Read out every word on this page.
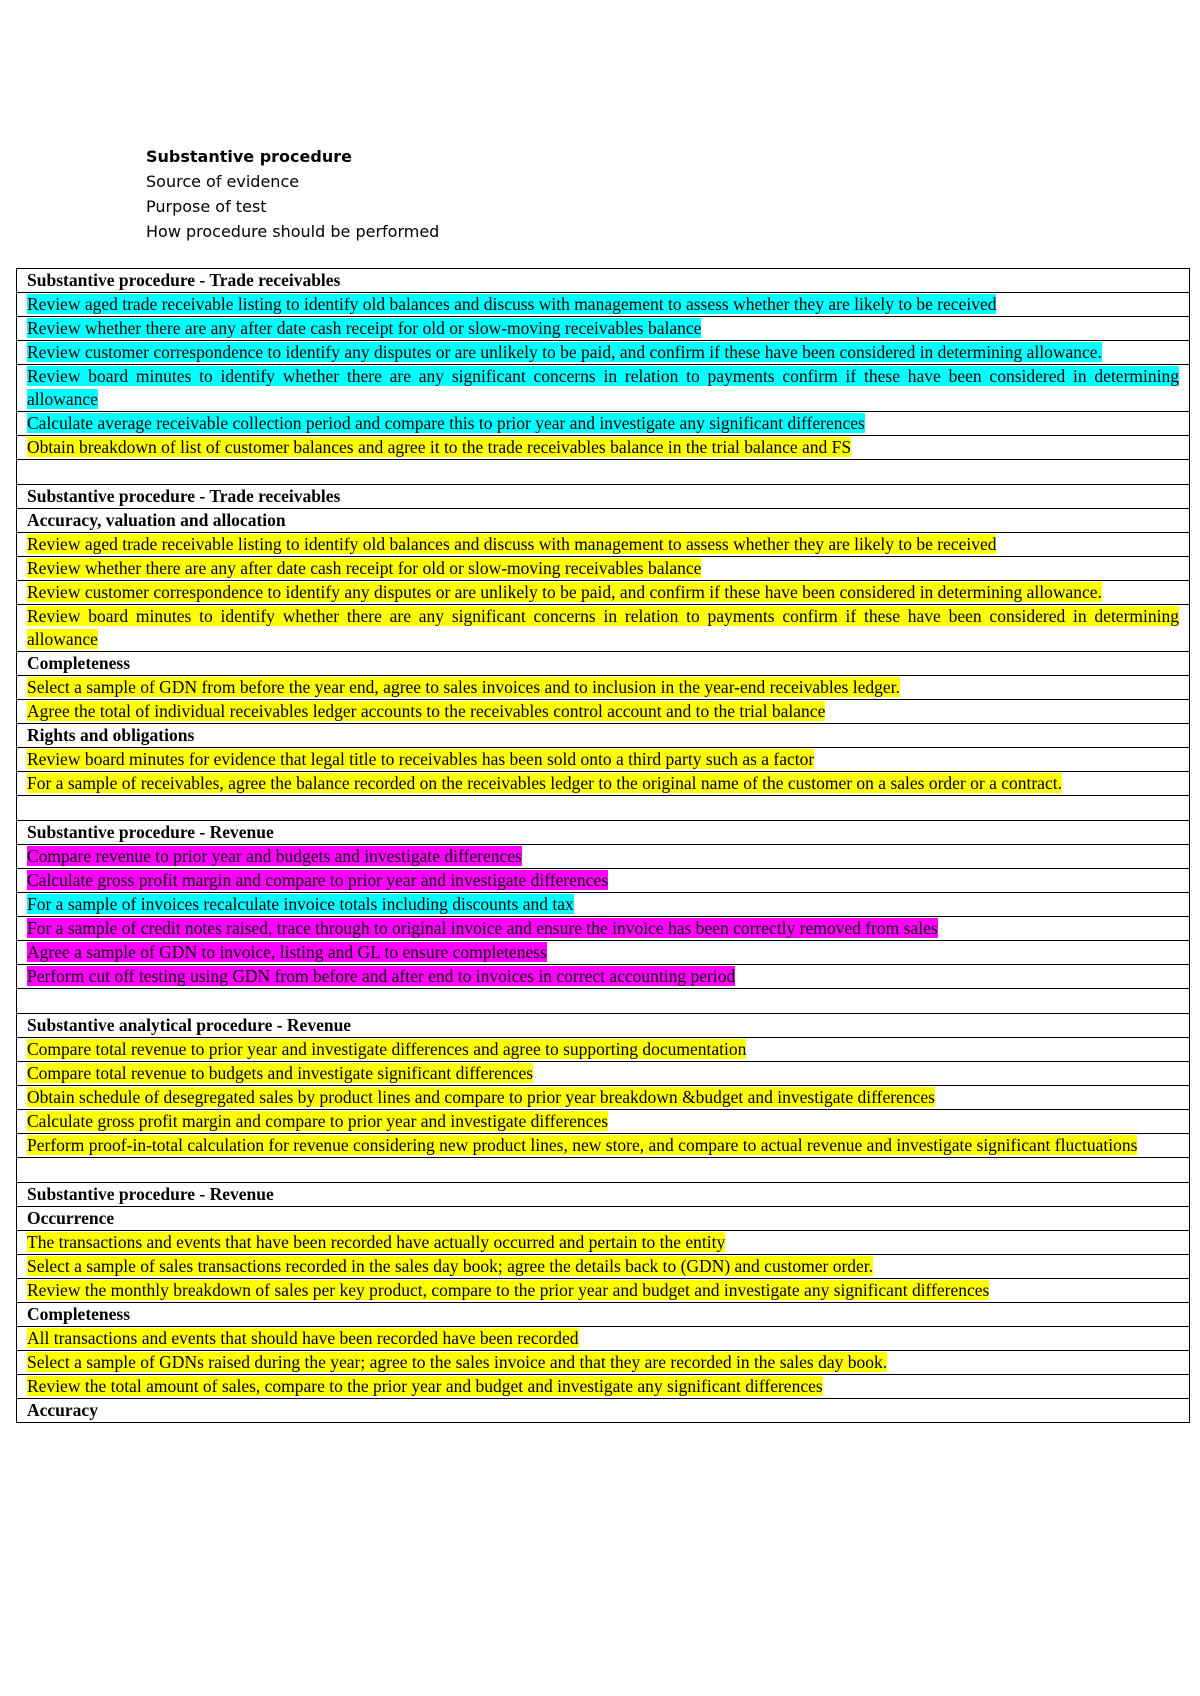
Substantive procedure
Source of evidence
Purpose of test
How procedure should be performed
Substantive procedure - Trade receivables
Review aged trade receivable listing to identify old balances and discuss with management to assess whether they are likely to be received
Review whether there are any after date cash receipt for old or slow-moving receivables balance
Review customer correspondence to identify any disputes or are unlikely to be paid, and confirm if these have been considered in determining allowance.
Review board minutes to identify whether there are any significant concerns in relation to payments confirm if these have been considered in determining allowance
Calculate average receivable collection period and compare this to prior year and investigate any significant differences
Obtain breakdown of list of customer balances and agree it to the trade receivables balance in the trial balance and FS

Substantive procedure - Trade receivables
Accuracy, valuation and allocation
Review aged trade receivable listing to identify old balances and discuss with management to assess whether they are likely to be received
Review whether there are any after date cash receipt for old or slow-moving receivables balance
Review customer correspondence to identify any disputes or are unlikely to be paid, and confirm if these have been considered in determining allowance.
Review board minutes to identify whether there are any significant concerns in relation to payments confirm if these have been considered in determining allowance
Completeness
Select a sample of GDN from before the year end, agree to sales invoices and to inclusion in the year-end receivables ledger.
Agree the total of individual receivables ledger accounts to the receivables control account and to the trial balance
Rights and obligations
Review board minutes for evidence that legal title to receivables has been sold onto a third party such as a factor
For a sample of receivables, agree the balance recorded on the receivables ledger to the original name of the customer on a sales order or a contract.

Substantive procedure - Revenue
Compare revenue to prior year and budgets and investigate differences
Calculate gross profit margin and compare to prior year and investigate differences
For a sample of invoices recalculate invoice totals including discounts and tax
For a sample of credit notes raised, trace through to original invoice and ensure the invoice has been correctly removed from sales
Agree a sample of GDN to invoice, listing and GL to ensure completeness
Perform cut off testing using GDN from before and after end to invoices in correct accounting period

Substantive analytical procedure - Revenue
Compare total revenue to prior year and investigate differences and agree to supporting documentation
Compare total revenue to budgets and investigate significant differences
Obtain schedule of desegregated sales by product lines and compare to prior year breakdown &budget and investigate differences
Calculate gross profit margin and compare to prior year and investigate differences
Perform proof-in-total calculation for revenue considering new product lines, new store, and compare to actual revenue and investigate significant fluctuations

Substantive procedure - Revenue
Occurrence
The transactions and events that have been recorded have actually occurred and pertain to the entity
Select a sample of sales transactions recorded in the sales day book; agree the details back to (GDN) and customer order.
Review the monthly breakdown of sales per key product, compare to the prior year and budget and investigate any significant differences
Completeness
All transactions and events that should have been recorded have been recorded
Select a sample of GDNs raised during the year; agree to the sales invoice and that they are recorded in the sales day book.
Review the total amount of sales, compare to the prior year and budget and investigate any significant differences
Accuracy
